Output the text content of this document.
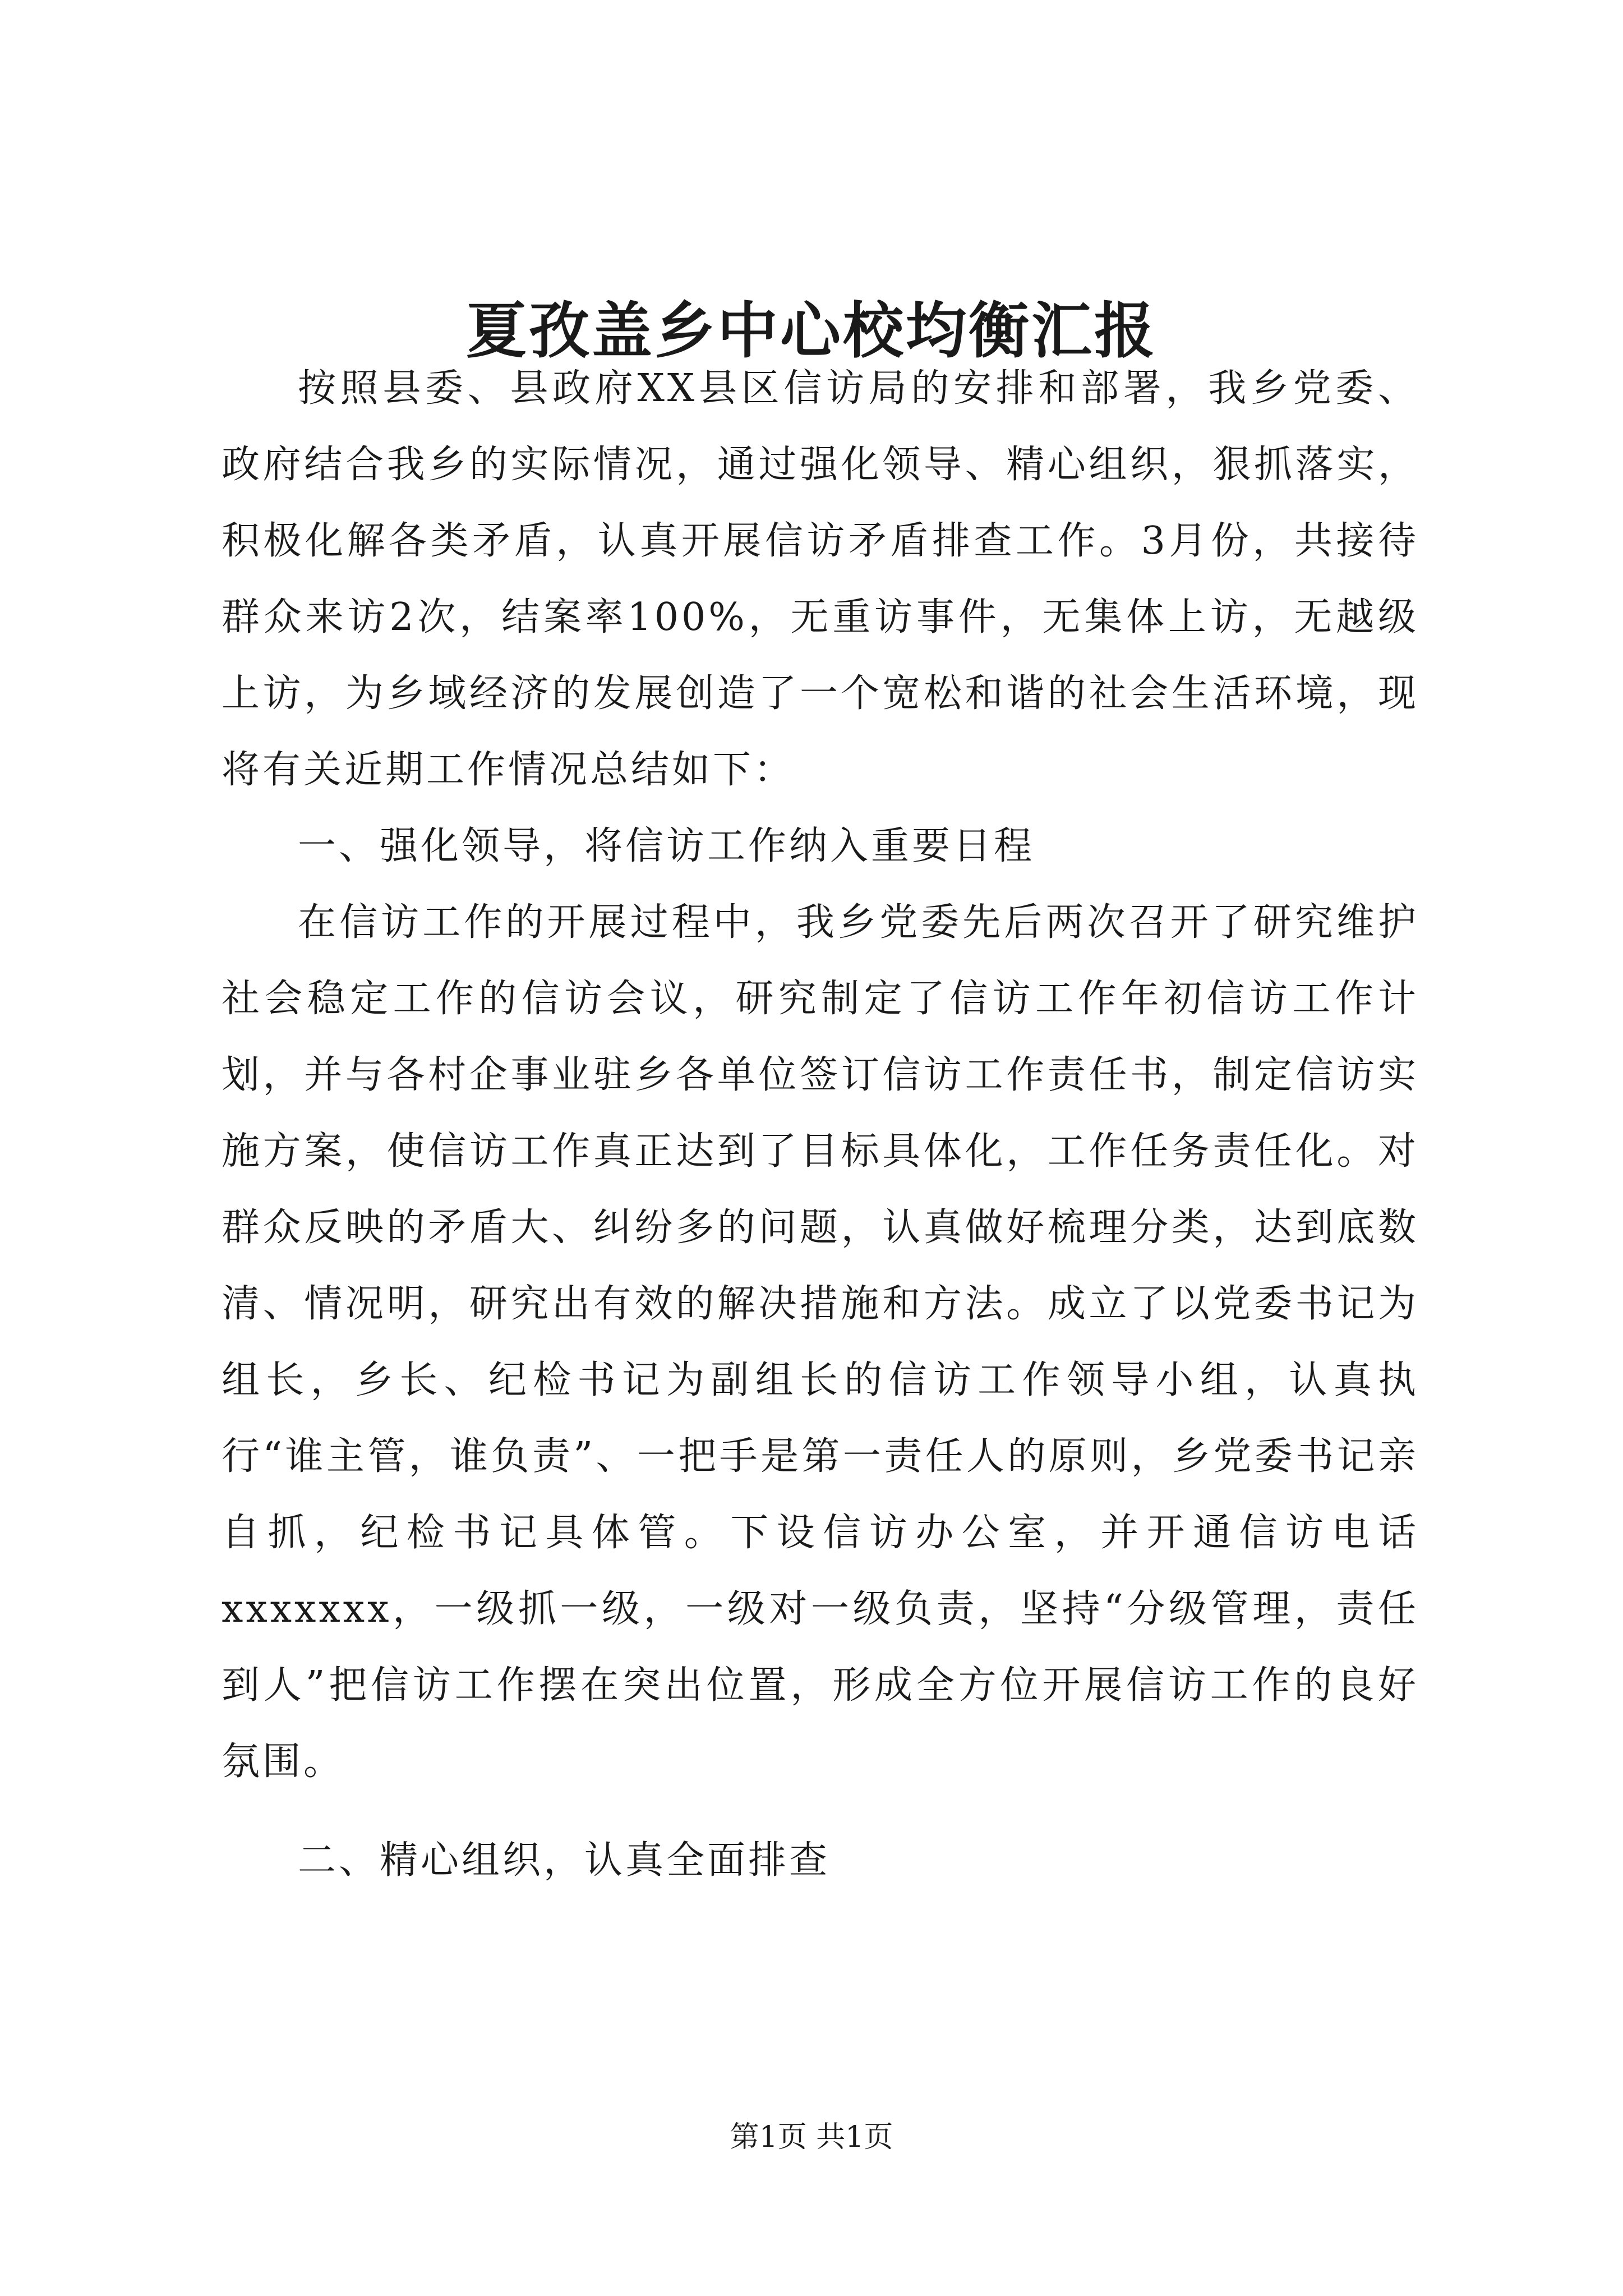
夏孜盖乡中心校均衡汇报

按照县委、县政府XX县区信访局的安排和部署，我乡党委、政府结合我乡的实际情况，通过强化领导、精心组织，狠抓落实，积极化解各类矛盾，认真开展信访矛盾排查工作。3月份，共接待群众来访2次，结案率100%，无重访事件，无集体上访，无越级上访，为乡域经济的发展创造了一个宽松和谐的社会生活环境，现将有关近期工作情况总结如下：

一、强化领导，将信访工作纳入重要日程

在信访工作的开展过程中，我乡党委先后两次召开了研究维护社会稳定工作的信访会议，研究制定了信访工作年初信访工作计划，并与各村企事业驻乡各单位签订信访工作责任书，制定信访实施方案，使信访工作真正达到了目标具体化，工作任务责任化。对群众反映的矛盾大、纠纷多的问题，认真做好梳理分类，达到底数清、情况明，研究出有效的解决措施和方法。成立了以党委书记为组长，乡长、纪检书记为副组长的信访工作领导小组，认真执行“谁主管，谁负责”、一把手是第一责任人的原则，乡党委书记亲自抓，纪检书记具体管。下设信访办公室，并开通信访电话xxxxxxx，一级抓一级，一级对一级负责，坚持“分级管理，责任到人”把信访工作摆在突出位置，形成全方位开展信访工作的良好氛围。

二、精心组织，认真全面排查

第1页 共1页
